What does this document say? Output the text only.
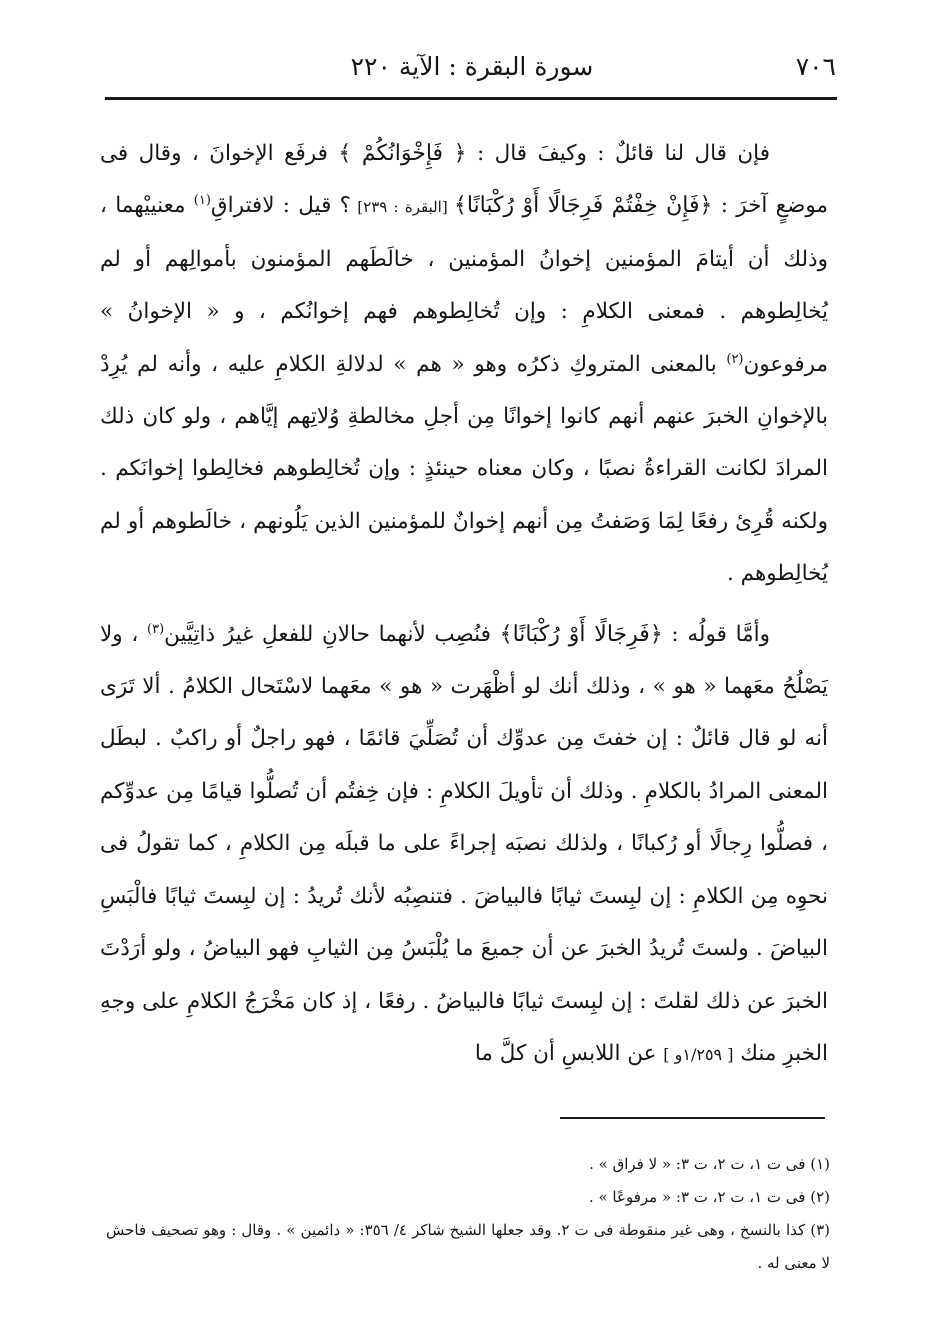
٧٠٦
سورة البقرة : الآية ٢٢٠

فإن قال لنا قائلٌ : وكيفَ قال : ﴿ فَإِخْوَانُكُمْ ﴾ فرفَع الإخوانَ ، وقال فى موضعٍ آخرَ : ﴿فَإِنْ خِفْتُمْ فَرِجَالًا أَوْ رُكْبَانًا﴾ [البقرة : ٢٣٩] ؟ قيل : لافتراقِ$^{(١)}$ معنييْهما ، وذلك أن أيتامَ المؤمنين إخوانُ المؤمنين ، خالَطَهم المؤمنون بأموالِهم أو لم يُخالِطوهم . فمعنى الكلامِ : وإن تُخالِطوهم فهم إخوانُكم ، و « الإخوانُ » مرفوعون$^{(٢)}$ بالمعنى المتروكِ ذكرُه وهو « هم » لدلالةِ الكلامِ عليه ، وأنه لم يُرِدْ بالإخوانِ الخبرَ عنهم أنهم كانوا إخوانًا مِن أجلِ مخالطةِ وُلاتِهم إيَّاهم ، ولو كان ذلك المرادَ لكانت القراءةُ نصبًا ، وكان معناه حينئذٍ : وإن تُخالِطوهم فخالِطوا إخوانَكم . ولكنه قُرِئ رفعًا لِمَا وَصَفتُ مِن أنهم إخوانٌ للمؤمنين الذين يَلُونهم ، خالَطوهم أو لم يُخالِطوهم .

وأمَّا قولُه : ﴿فَرِجَالًا أَوْ رُكْبَانًا﴾ فنُصِب لأنهما حالانِ للفعلِ غيرُ ذاتِيَّين$^{(٣)}$ ، ولا يَصْلُحُ معَهما « هو » ، وذلك أنك لو أظْهَرت « هو » معَهما لاسْتَحال الكلامُ . ألا تَرَى أنه لو قال قائلٌ : إن خفتَ مِن عدوِّك أن تُصَلِّيَ قائمًا ، فهو راجلٌ أو راكبٌ . لبطَل المعنى المرادُ بالكلامِ . وذلك أن تأويلَ الكلامِ : فإن خِفتُم أن تُصلُّوا قيامًا مِن عدوِّكم ، فصلُّوا رِجالًا أو رُكبانًا ، ولذلك نصبَه إجراءً على ما قبلَه مِن الكلامِ ، كما تقولُ فى نحوِه مِن الكلامِ : إن لبِستَ ثيابًا فالبياضَ . فتنصِبُه لأنك تُريدُ : إن لبِستَ ثيابًا فالْبَسِ البياضَ . ولستَ تُريدُ الخبرَ عن أن جميعَ ما يُلْبَسُ مِن الثيابِ فهو البياضُ ، ولو أرَدْتَ الخبرَ عن ذلك لقلتَ : إن لبِستَ ثيابًا فالبياضُ . رفعًا ، إذ كان مَخْرَجُ الكلامِ على وجهِ الخبرِ منك [ ١/٢٥٩و ] عن اللابسِ أن كلَّ ما

(١) فى ت ١، ت ٢، ت ٣: « لا فراق » .

(٢) فى ت ١، ت ٢، ت ٣: « مرفوعًا » .

(٣) كذا بالنسخ ، وهى غير منقوطة فى ت ٢. وقد جعلها الشيخ شاكر ٤/ ٣٥٦: « دائمين » . وقال : وهو تصحيف فاحش لا معنى له .
